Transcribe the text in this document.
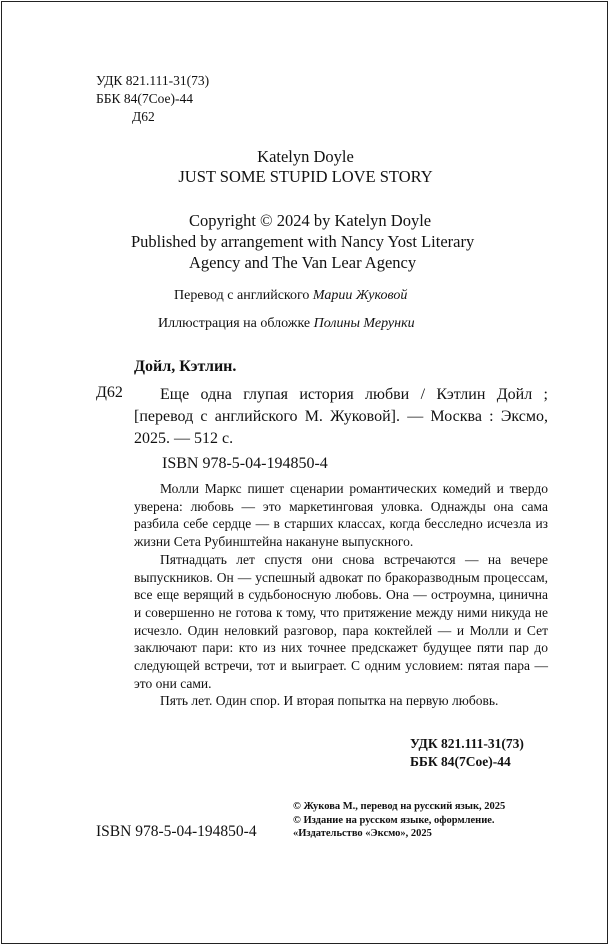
УДК 821.111-31(73)
ББК 84(7Сое)-44
Д62
Katelyn Doyle
JUST SOME STUPID LOVE STORY
Copyright © 2024 by Katelyn Doyle
Published by arrangement with Nancy Yost Literary
Agency and The Van Lear Agency
Перевод с английского Марии Жуковой
Иллюстрация на обложке Полины Мерунки
Дойл, Кэтлин.
Д62	Еще одна глупая история любви / Кэтлин Дойл ; [перевод с английского М. Жуковой]. — Москва : Эксмо, 2025. — 512 с.

ISBN 978-5-04-194850-4

Молли Маркс пишет сценарии романтических комедий и твердо уверена: любовь — это маркетинговая уловка. Однажды она сама разбила себе сердце — в старших классах, когда бесследно исчезла из жизни Сета Рубинштейна накануне выпускного.

Пятнадцать лет спустя они снова встречаются — на вечере выпускников. Он — успешный адвокат по бракоразводным процессам, все еще верящий в судьбоносную любовь. Она — остроумна, цинична и совершенно не готова к тому, что притяжение между ними никуда не исчезло. Один неловкий разговор, пара коктейлей — и Молли и Сет заключают пари: кто из них точнее предскажет будущее пяти пар до следующей встречи, тот и выиграет. С одним условием: пятая пара — это они сами.

Пять лет. Один спор. И вторая попытка на первую любовь.

УДК 821.111-31(73)
ББК 84(7Сое)-44
ISBN 978-5-04-194850-4
© Жукова М., перевод на русский язык, 2025
© Издание на русском языке, оформление.
«Издательство «Эксмо», 2025
